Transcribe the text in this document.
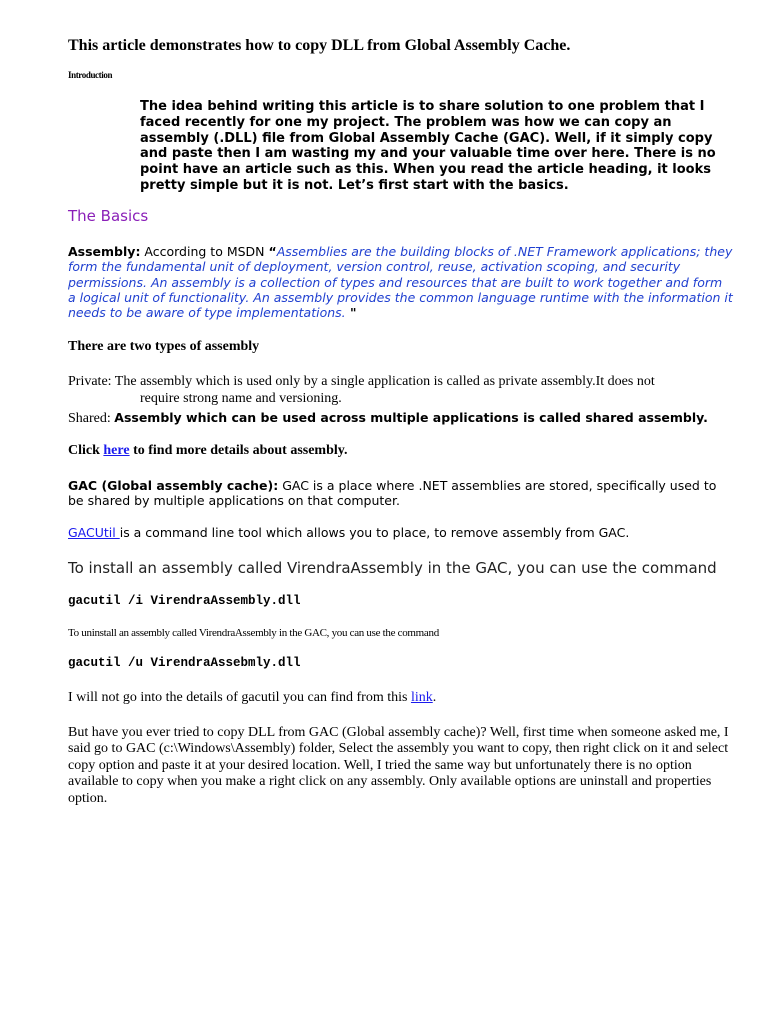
This article demonstrates how to copy DLL from Global Assembly Cache.

Introduction

The idea behind writing this article is to share solution to one problem that I faced recently for one my project. The problem was how we can copy an assembly (.DLL) file from Global Assembly Cache (GAC). Well, if it simply copy and paste then I am wasting my and your valuable time over here. There is no point have an article such as this. When you read the article heading, it looks pretty simple but it is not. Let’s first start with the basics.

The Basics

Assembly: According to MSDN “Assemblies are the building blocks of .NET Framework applications; they form the fundamental unit of deployment, version control, reuse, activation scoping, and security permissions. An assembly is a collection of types and resources that are built to work together and form a logical unit of functionality. An assembly provides the common language runtime with the information it needs to be aware of type implementations. "

There are two types of assembly

Private: The assembly which is used only by a single application is called as private assembly.It does not
require strong name and versioning.

Shared: Assembly which can be used across multiple applications is called shared assembly.

Click here to find more details about assembly.

GAC (Global assembly cache): GAC is a place where .NET assemblies are stored, specifically used to be shared by multiple applications on that computer.

GACUtil is a command line tool which allows you to place, to remove assembly from GAC.

To install an assembly called VirendraAssembly in the GAC, you can use the command

gacutil /i VirendraAssembly.dll

To uninstall an assembly called VirendraAssembly in the GAC, you can use the command

gacutil /u VirendraAssebmly.dll

I will not go into the details of gacutil you can find from this link.

But have you ever tried to copy DLL from GAC (Global assembly cache)? Well, first time when someone asked me, I said go to GAC (c:\Windows\Assembly) folder, Select the assembly you want to copy, then right click on it and select copy option and paste it at your desired location. Well, I tried the same way but unfortunately there is no option available to copy when you make a right click on any assembly. Only available options are uninstall and properties option.
